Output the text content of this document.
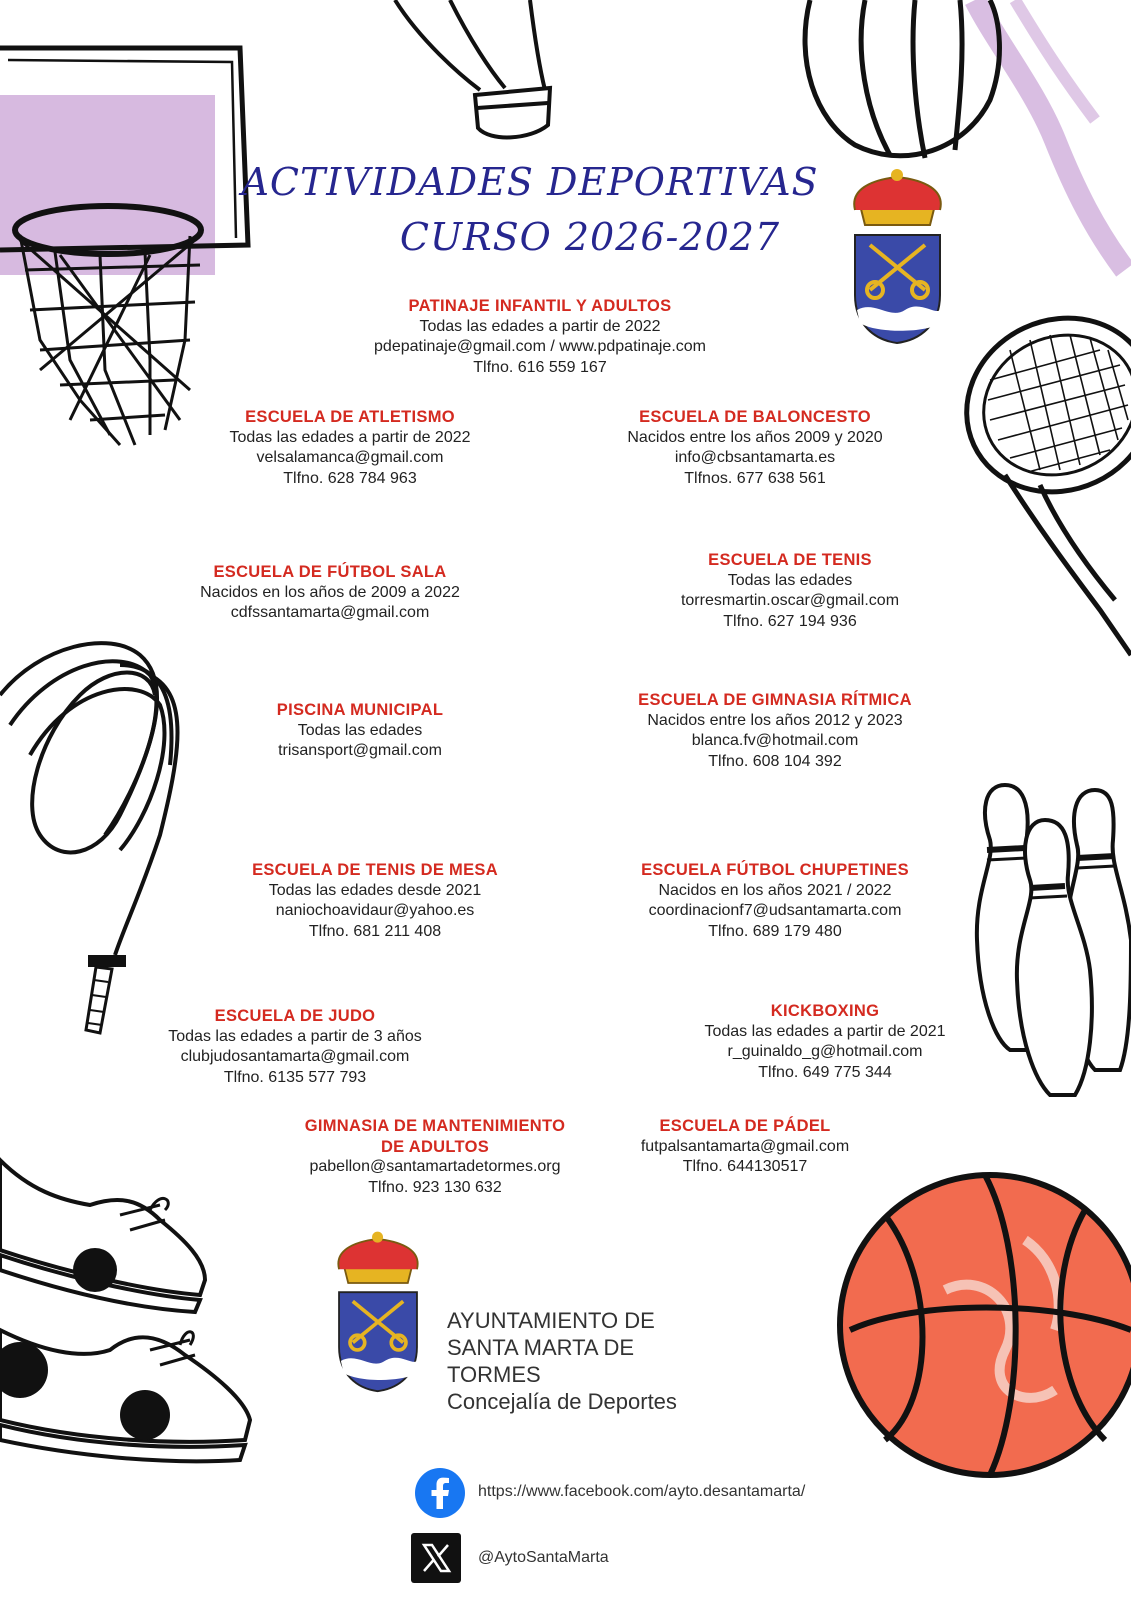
ACTIVIDADES DEPORTIVAS
CURSO 2026-2027
PATINAJE INFANTIL Y ADULTOS
Todas las edades a partir de 2022
pdepatinaje@gmail.com / www.pdpatinaje.com
Tlfno. 616 559 167
ESCUELA DE ATLETISMO
Todas las edades a partir de 2022
velsalamanca@gmail.com
Tlfno. 628 784 963
ESCUELA DE BALONCESTO
Nacidos entre los años 2009 y 2020
info@cbsantamarta.es
Tlfnos. 677 638 561
ESCUELA DE FÚTBOL SALA
Nacidos en los años de 2009 a 2022
cdfssantamarta@gmail.com
ESCUELA DE TENIS
Todas las edades
torresmartin.oscar@gmail.com
Tlfno. 627 194 936
PISCINA MUNICIPAL
Todas las edades
trisansport@gmail.com
ESCUELA DE GIMNASIA RÍTMICA
Nacidos entre los años 2012 y 2023
blanca.fv@hotmail.com
Tlfno. 608 104 392
ESCUELA DE TENIS DE MESA
Todas las edades desde 2021
naniochoavidaur@yahoo.es
Tlfno. 681 211 408
ESCUELA FÚTBOL CHUPETINES
Nacidos en los años 2021 / 2022
coordinacionf7@udsantamarta.com
Tlfno. 689 179 480
ESCUELA DE JUDO
Todas las edades a partir de 3 años
clubjudosantamarta@gmail.com
Tlfno. 6135 577 793
KICKBOXING
Todas las edades a partir de 2021
r_guinaldo_g@hotmail.com
Tlfno. 649 775 344
GIMNASIA DE MANTENIMIENTO
DE ADULTOS
pabellon@santamartadetormes.org
Tlfno. 923 130 632
ESCUELA DE PÁDEL
futpalsantamarta@gmail.com
Tlfno. 644130517
AYUNTAMIENTO DE
SANTA MARTA DE
TORMES
Concejalía de Deportes
https://www.facebook.com/ayto.desantamarta/
@AytoSantaMarta
